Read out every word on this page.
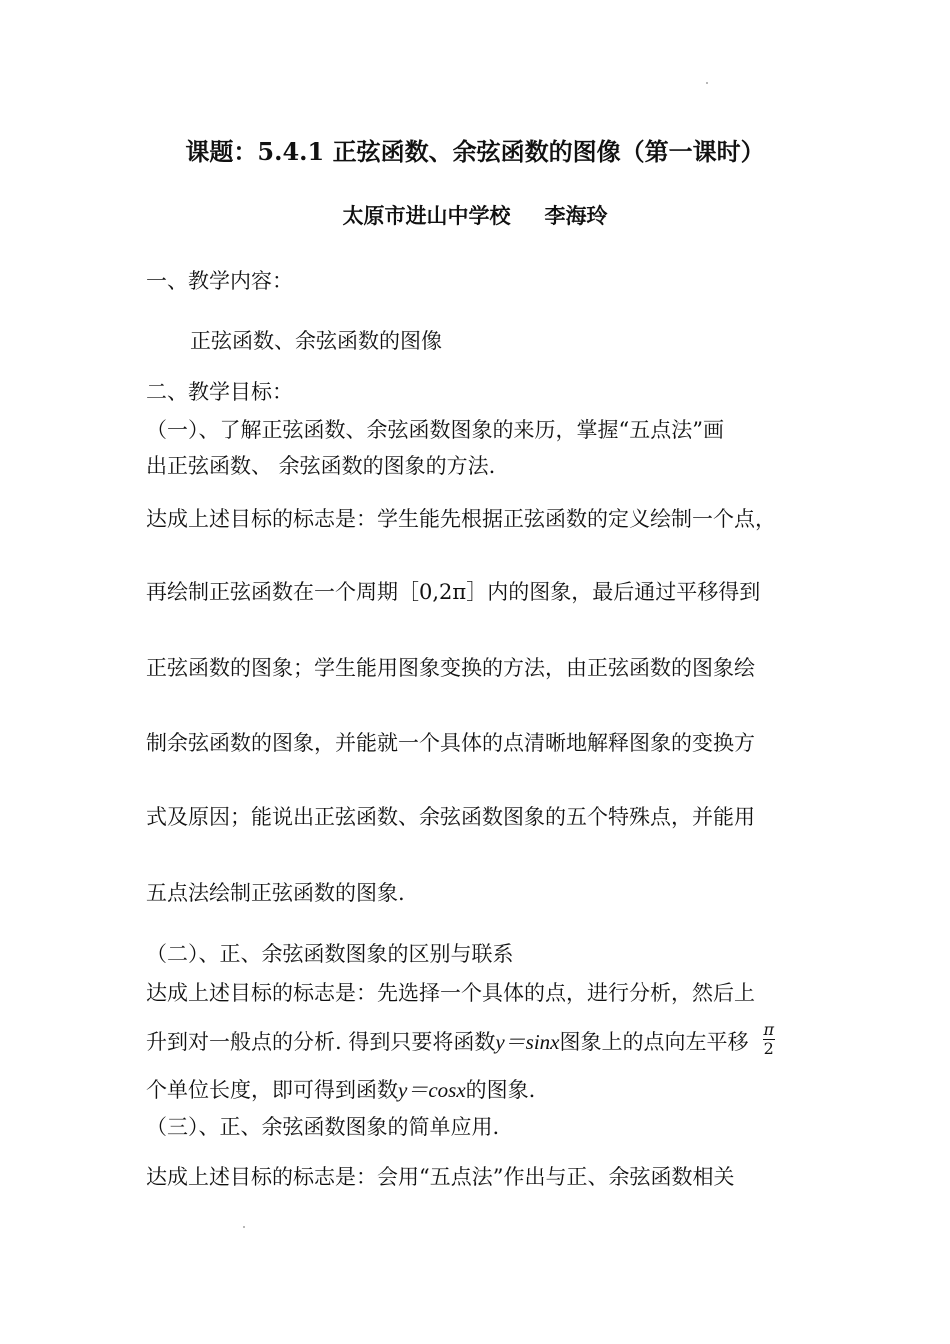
课题：5.4.1 正弦函数、余弦函数的图像（第一课时）
太原市进山中学校 李海玲
一、教学内容：
正弦函数、余弦函数的图像
二、教学目标：
（一）、了解正弦函数、余弦函数图象的来历，掌握“五点法”画
出正弦函数、 余弦函数的图象的方法.
达成上述目标的标志是：学生能先根据正弦函数的定义绘制一个点，
再绘制正弦函数在一个周期［0,2π］内的图象，最后通过平移得到
正弦函数的图象；学生能用图象变换的方法，由正弦函数的图象绘
制余弦函数的图象，并能就一个具体的点清晰地解释图象的变换方
式及原因；能说出正弦函数、余弦函数图象的五个特殊点，并能用
五点法绘制正弦函数的图象.
（二）、正、余弦函数图象的区别与联系
达成上述目标的标志是：先选择一个具体的点，进行分析，然后上
升到对一般点的分析. 得到只要将函数y＝sinx图象上的点向左平移 $\frac{\pi}{2}$
个单位长度，即可得到函数y＝cosx的图象.
（三）、正、余弦函数图象的简单应用.
达成上述目标的标志是：会用“五点法”作出与正、余弦函数相关
